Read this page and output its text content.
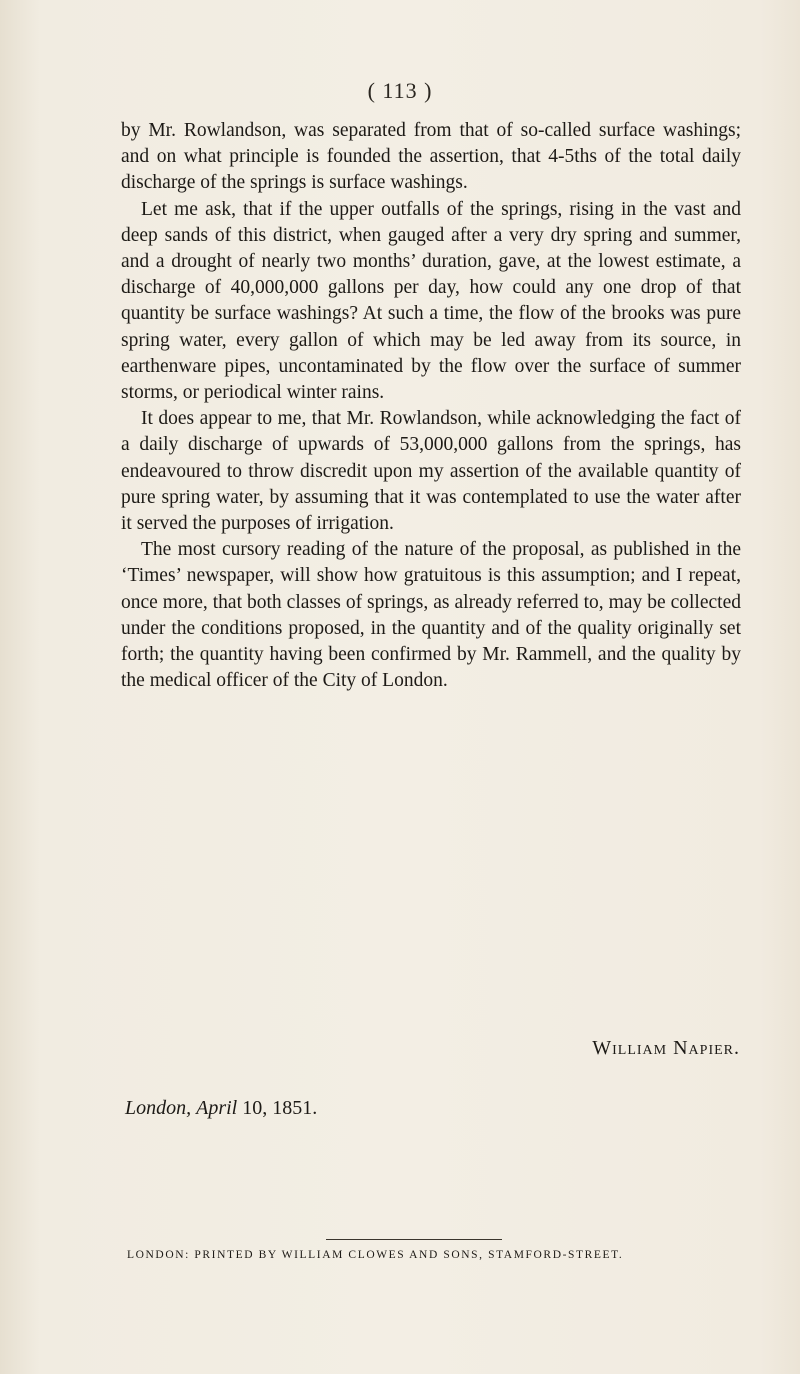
( 113 )

by Mr. Rowlandson, was separated from that of so-called surface washings; and on what principle is founded the assertion, that 4-5ths of the total daily discharge of the springs is surface washings.

Let me ask, that if the upper outfalls of the springs, rising in the vast and deep sands of this district, when gauged after a very dry spring and summer, and a drought of nearly two months’ duration, gave, at the lowest estimate, a discharge of 40,000,000 gallons per day, how could any one drop of that quantity be surface washings? At such a time, the flow of the brooks was pure spring water, every gallon of which may be led away from its source, in earthenware pipes, uncontaminated by the flow over the surface of summer storms, or periodical winter rains.

It does appear to me, that Mr. Rowlandson, while acknowledging the fact of a daily discharge of upwards of 53,000,000 gallons from the springs, has endeavoured to throw discredit upon my assertion of the available quantity of pure spring water, by assuming that it was contemplated to use the water after it served the purposes of irrigation.

The most cursory reading of the nature of the proposal, as published in the ‘Times’ newspaper, will show how gratuitous is this assumption; and I repeat, once more, that both classes of springs, as already referred to, may be collected under the conditions proposed, in the quantity and of the quality originally set forth; the quantity having been confirmed by Mr. Rammell, and the quality by the medical officer of the City of London.

William Napier.
London, April 10, 1851.
LONDON: PRINTED BY WILLIAM CLOWES AND SONS, STAMFORD-STREET.
